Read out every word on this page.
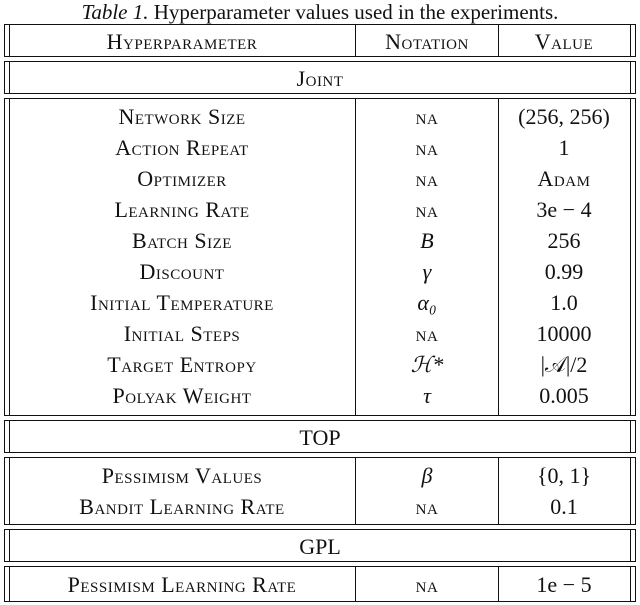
Table 1. Hyperparameter values used in the experiments.
Hyperparameter	Notation	Value
Joint
Network Size	na	(256, 256)
Action Repeat	na	1
Optimizer	na	Adam
Learning Rate	na	3e − 4
Batch Size	B	256
Discount	γ	0.99
Initial Temperature	α₀	1.0
Initial Steps	na	10000
Target Entropy	ℋ*	|𝒜|/2
Polyak Weight	τ	0.005
TOP
Pessimism Values	β	{0, 1}
Bandit Learning Rate	na	0.1
GPL
Pessimism Learning Rate	na	1e − 5
